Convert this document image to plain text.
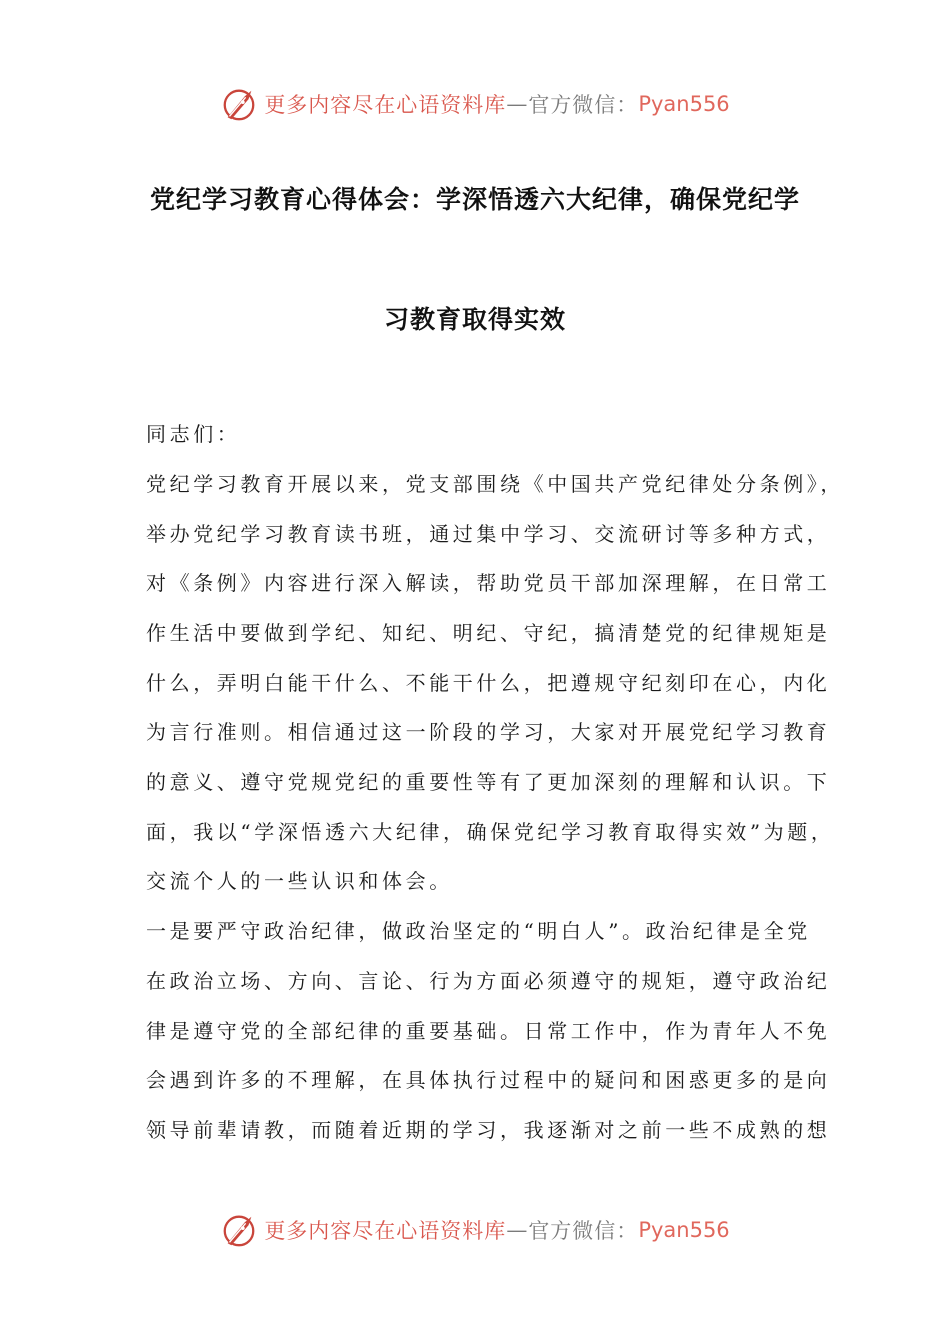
更多内容尽在心语资料库 — 官方微信： Pyan556
党纪学习教育心得体会：学深悟透六大纪律，确保党纪学
习教育取得实效
同志们：
党纪学习教育开展以来，党支部围绕《中国共产党纪律处分条例》，
举办党纪学习教育读书班，通过集中学习、交流研讨等多种方式，
对《条例》内容进行深入解读，帮助党员干部加深理解，在日常工
作生活中要做到学纪、知纪、明纪、守纪，搞清楚党的纪律规矩是
什么，弄明白能干什么、不能干什么，把遵规守纪刻印在心，内化
为言行准则。相信通过这一阶段的学习，大家对开展党纪学习教育
的意义、遵守党规党纪的重要性等有了更加深刻的理解和认识。下
面，我以“学深悟透六大纪律，确保党纪学习教育取得实效”为题，
交流个人的一些认识和体会。
一是要严守政治纪律，做政治坚定的“明白人”。政治纪律是全党
在政治立场、方向、言论、行为方面必须遵守的规矩，遵守政治纪
律是遵守党的全部纪律的重要基础。日常工作中，作为青年人不免
会遇到许多的不理解，在具体执行过程中的疑问和困惑更多的是向
领导前辈请教，而随着近期的学习，我逐渐对之前一些不成熟的想
更多内容尽在心语资料库 — 官方微信： Pyan556
